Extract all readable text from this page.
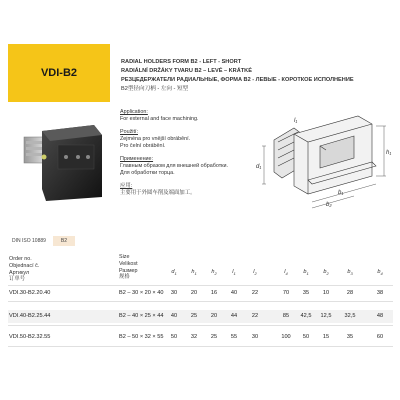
VDI-B2
RADIAL HOLDERS FORM B2 - LEFT - SHORT
RADIÁLNÍ DRŽÁKY TVARU B2 – LEVÉ – KRÁTKÉ
РЕЗЦЕДЕРЖАТЕЛИ РАДИАЛЬНЫЕ, ФОРМА В2 - ЛЕВЫЕ - КОРОТКОЕ ИСПОЛНЕНИЕ
B2型径向刀柄 - 左向 - 短型
Application:
For external and face machining.
Použití:
Zejména pro vnější obrábění.
Pro čelní obrábění.
Применение:
Главным образом для внешней обработки.
Для обработки торца.
应用:
主要用于外圆车削及端面加工。
d₁
b₁
b₂
h₁
l₁
DIN ISO 10889	B2
Order no.
Objednací č.
Артикул
订单号
Size
Velikost
Размер
规格
$d_1$	$h_1$	$h_2$	$l_1$	$l_2$	$l_4$	$b_1$	$b_2$	$b_3$	$b_4$
VDI.30-B2.20.40	B2 – 30 × 20 × 40	30	20	16	40	22	70	35	10	28	38
VDI.40-B2.25.44	B2 – 40 × 25 × 44	40	25	20	44	22	85	42,5	12,5	32,5	48
VDI.50-B2.32.55	B2 – 50 × 32 × 55	50	32	25	55	30	100	50	15	35	60
